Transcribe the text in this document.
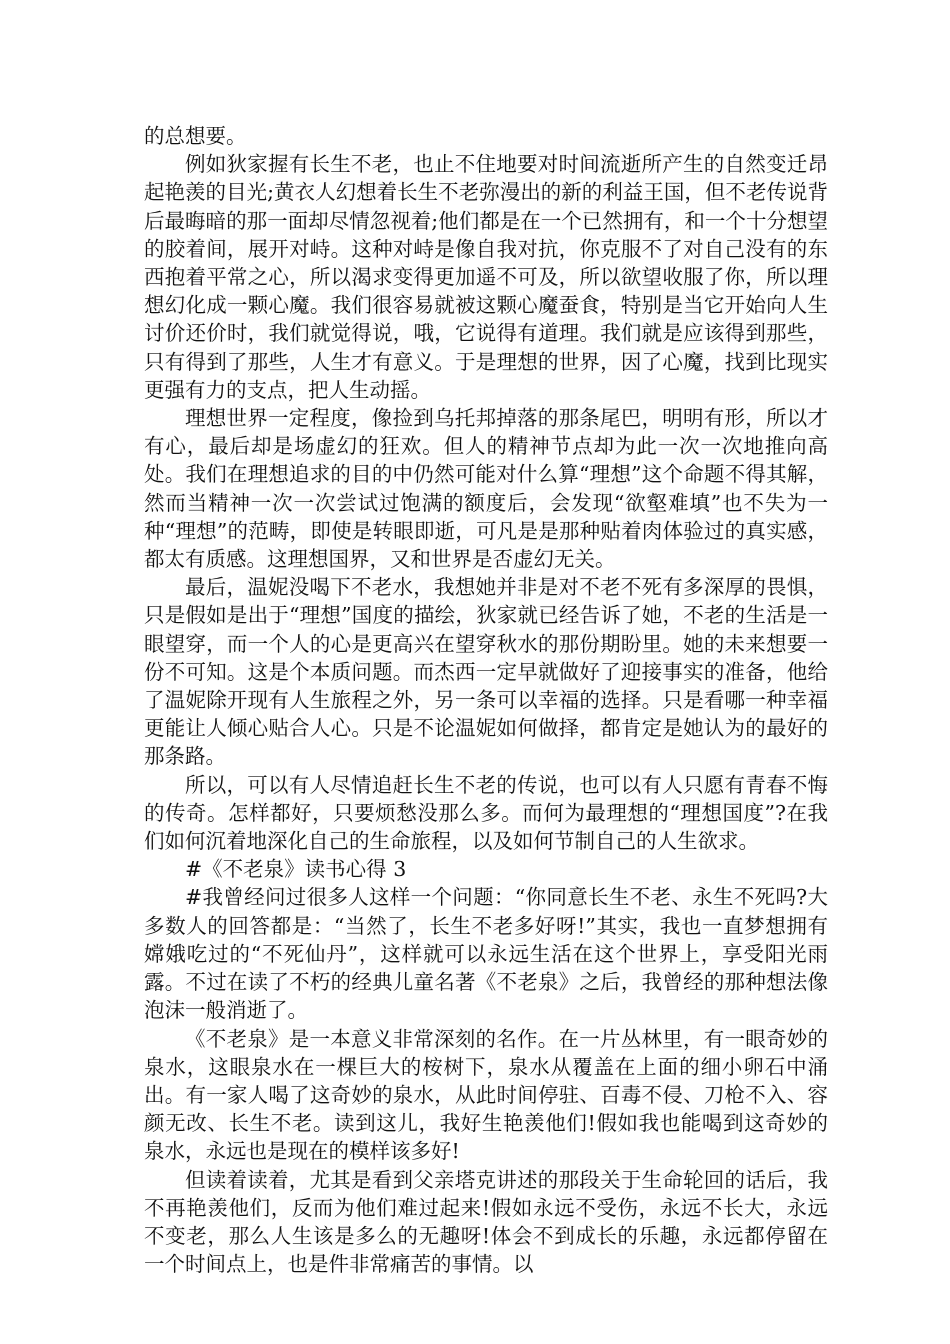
的总想要。

例如狄家握有长生不老，也止不住地要对时间流逝所产生的自然变迁昂起艳羡的目光;黄衣人幻想着长生不老弥漫出的新的利益王国，但不老传说背后最晦暗的那一面却尽情忽视着;他们都是在一个已然拥有，和一个十分想望的胶着间，展开对峙。这种对峙是像自我对抗，你克服不了对自己没有的东西抱着平常之心，所以渴求变得更加遥不可及，所以欲望收服了你，所以理想幻化成一颗心魔。我们很容易就被这颗心魔蚕食，特别是当它开始向人生讨价还价时，我们就觉得说，哦，它说得有道理。我们就是应该得到那些，只有得到了那些，人生才有意义。于是理想的世界，因了心魔，找到比现实更强有力的支点，把人生动摇。

理想世界一定程度，像捡到乌托邦掉落的那条尾巴，明明有形，所以才有心，最后却是场虚幻的狂欢。但人的精神节点却为此一次一次地推向高处。我们在理想追求的目的中仍然可能对什么算“理想”这个命题不得其解，然而当精神一次一次尝试过饱满的额度后，会发现“欲壑难填”也不失为一种“理想”的范畴，即使是转眼即逝，可凡是是那种贴着肉体验过的真实感，都太有质感。这理想国界，又和世界是否虚幻无关。

最后，温妮没喝下不老水，我想她并非是对不老不死有多深厚的畏惧，只是假如是出于“理想”国度的描绘，狄家就已经告诉了她，不老的生活是一眼望穿，而一个人的心是更高兴在望穿秋水的那份期盼里。她的未来想要一份不可知。这是个本质问题。而杰西一定早就做好了迎接事实的准备，他给了温妮除开现有人生旅程之外，另一条可以幸福的选择。只是看哪一种幸福更能让人倾心贴合人心。只是不论温妮如何做择，都肯定是她认为的最好的那条路。

所以，可以有人尽情追赶长生不老的传说，也可以有人只愿有青春不悔的传奇。怎样都好，只要烦愁没那么多。而何为最理想的“理想国度”?在我们如何沉着地深化自己的生命旅程，以及如何节制自己的人生欲求。

#《不老泉》读书心得 3

#我曾经问过很多人这样一个问题：“你同意长生不老、永生不死吗?大多数人的回答都是：“当然了，长生不老多好呀!”其实，我也一直梦想拥有嫦娥吃过的“不死仙丹”，这样就可以永远生活在这个世界上，享受阳光雨露。不过在读了不朽的经典儿童名著《不老泉》之后，我曾经的那种想法像泡沫一般消逝了。

《不老泉》是一本意义非常深刻的名作。在一片丛林里，有一眼奇妙的泉水，这眼泉水在一棵巨大的桉树下，泉水从覆盖在上面的细小卵石中涌出。有一家人喝了这奇妙的泉水，从此时间停驻、百毒不侵、刀枪不入、容颜无改、长生不老。读到这儿，我好生艳羡他们!假如我也能喝到这奇妙的泉水，永远也是现在的模样该多好!

但读着读着，尤其是看到父亲塔克讲述的那段关于生命轮回的话后，我不再艳羡他们，反而为他们难过起来!假如永远不受伤，永远不长大，永远不变老，那么人生该是多么的无趣呀!体会不到成长的乐趣，永远都停留在一个时间点上，也是件非常痛苦的事情。以
